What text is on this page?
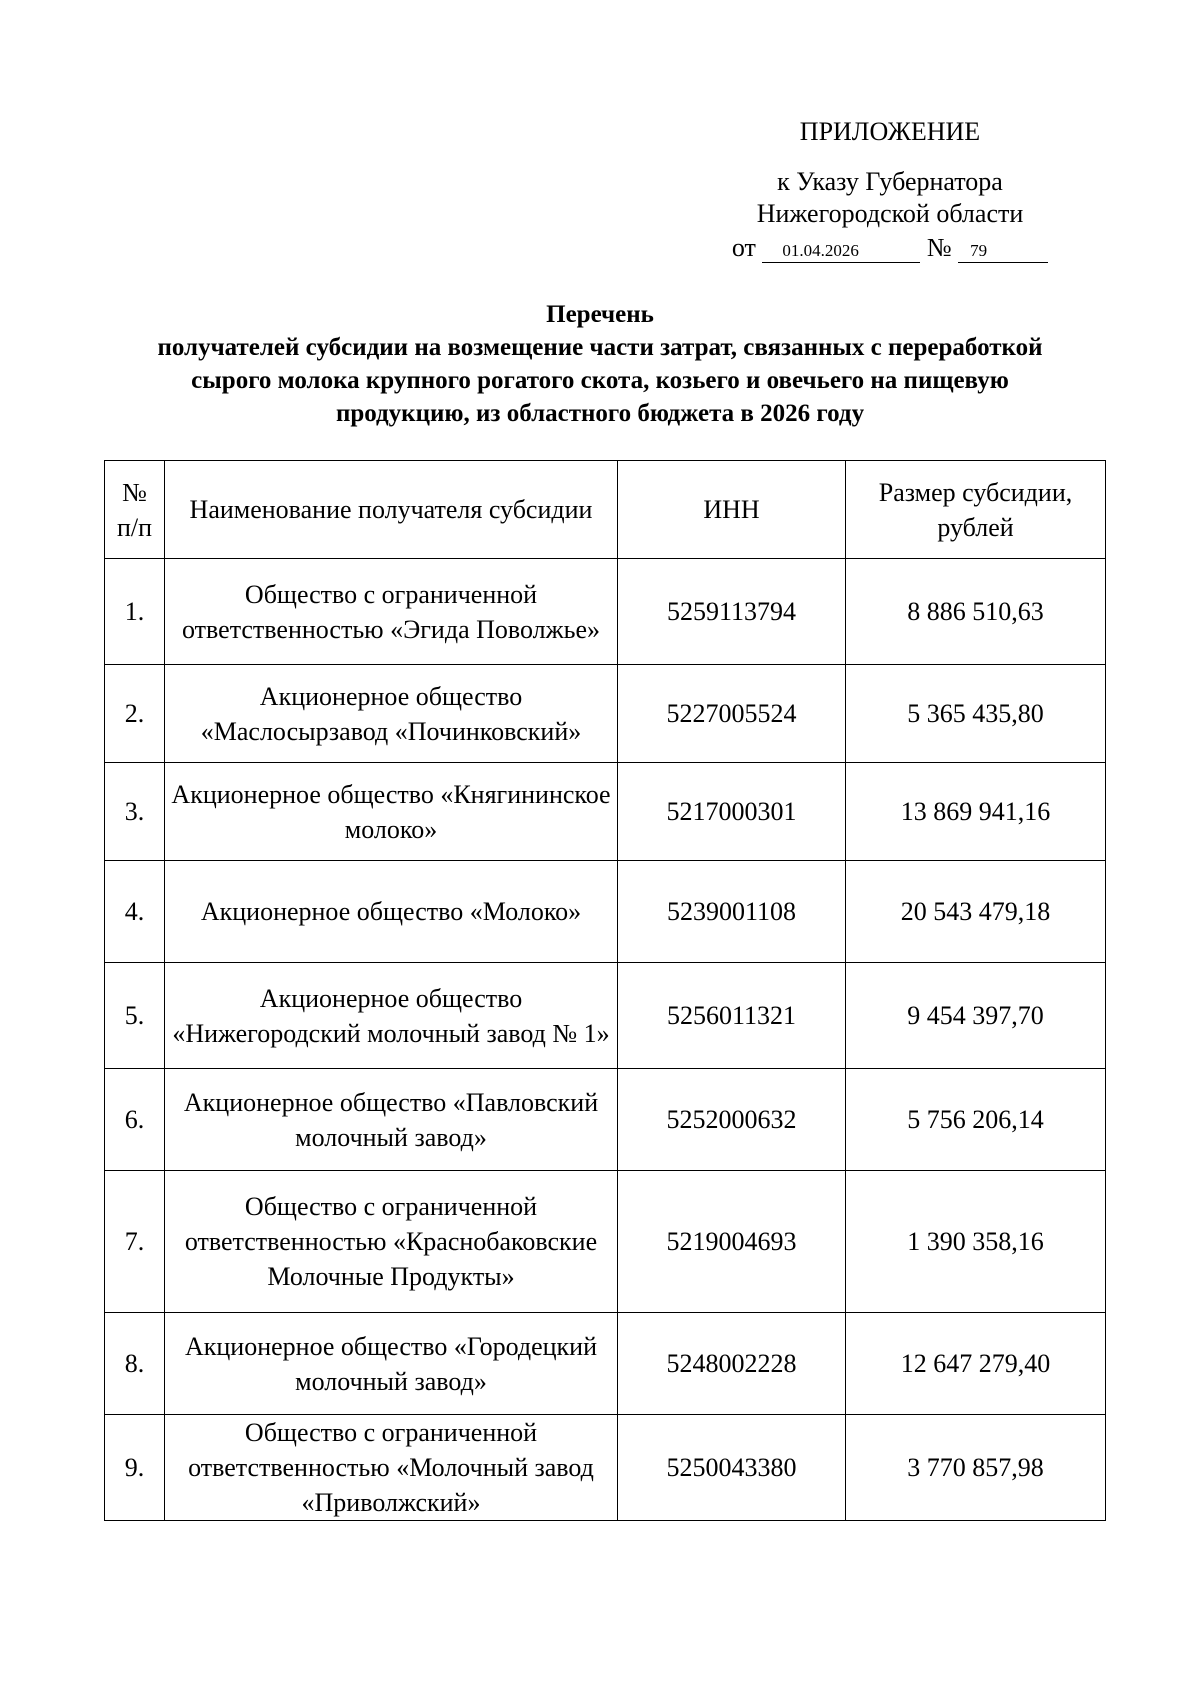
ПРИЛОЖЕНИЕ
к Указу Губернатора
Нижегородской области
от 01.04.2026	№ 79
Перечень
получателей субсидии на возмещение части затрат, связанных с переработкой
сырого молока крупного рогатого скота, козьего и овечьего на пищевую
продукцию, из областного бюджета в 2026 году
№ п/п	Наименование получателя субсидии	ИНН	Размер субсидии, рублей
1.	Общество с ограниченной ответственностью «Эгида Поволжье»	5259113794	8 886 510,63
2.	Акционерное общество «Маслосырзавод «Починковский»	5227005524	5 365 435,80
3.	Акционерное общество «Княгининское молоко»	5217000301	13 869 941,16
4.	Акционерное общество «Молоко»	5239001108	20 543 479,18
5.	Акционерное общество «Нижегородский молочный завод № 1»	5256011321	9 454 397,70
6.	Акционерное общество «Павловский молочный завод»	5252000632	5 756 206,14
7.	Общество с ограниченной ответственностью «Краснобаковские Молочные Продукты»	5219004693	1 390 358,16
8.	Акционерное общество «Городецкий молочный завод»	5248002228	12 647 279,40
9.	Общество с ограниченной ответственностью «Молочный завод «Приволжский»	5250043380	3 770 857,98
